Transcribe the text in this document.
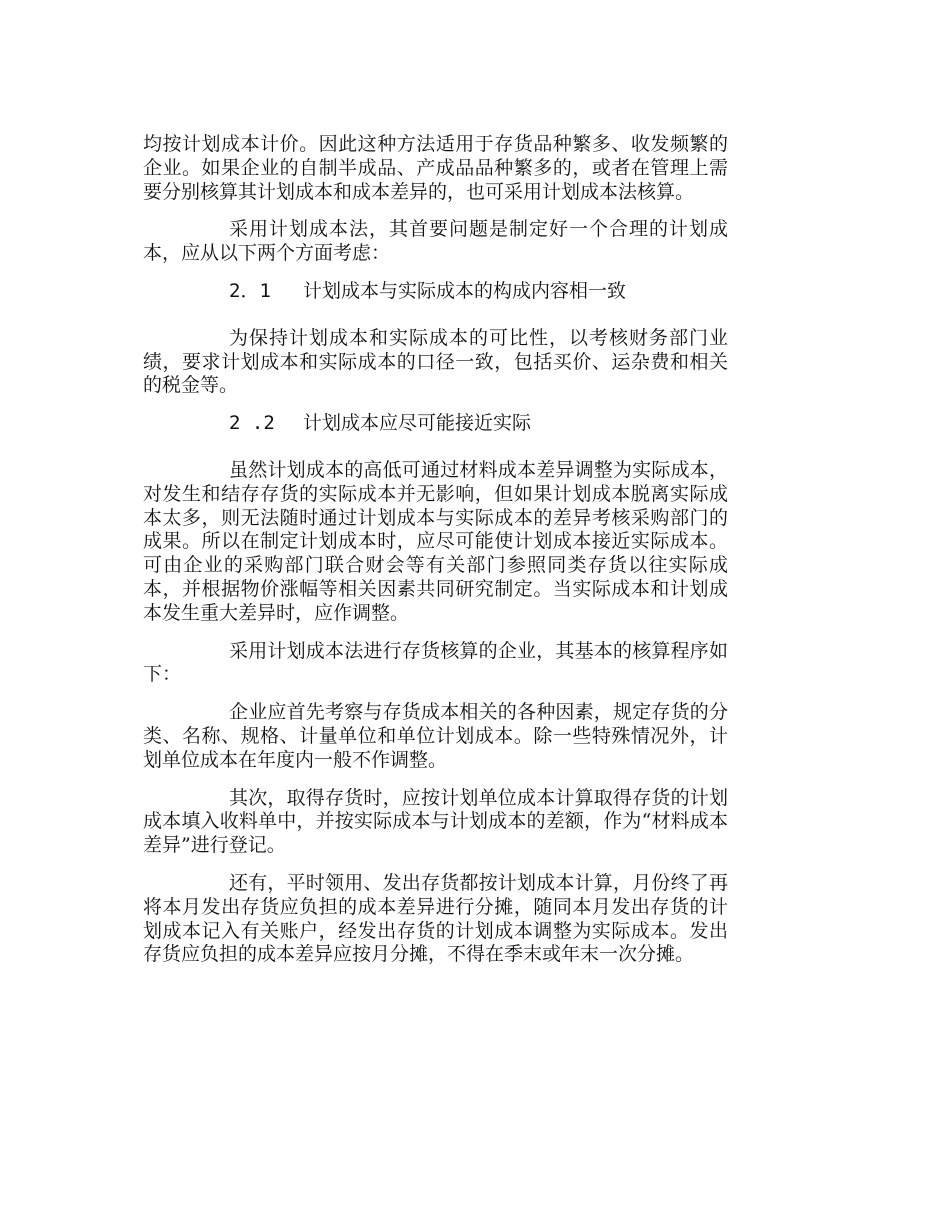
均按计划成本计价。因此这种方法适用于存货品种繁多、收发频繁的企业。如果企业的自制半成品、产成品品种繁多的，或者在管理上需要分别核算其计划成本和成本差异的，也可采用计划成本法核算。

采用计划成本法，其首要问题是制定好一个合理的计划成本，应从以下两个方面考虑：

2．1 计划成本与实际成本的构成内容相一致

为保持计划成本和实际成本的可比性，以考核财务部门业绩，要求计划成本和实际成本的口径一致，包括买价、运杂费和相关的税金等。

2 .2 计划成本应尽可能接近实际

虽然计划成本的高低可通过材料成本差异调整为实际成本，对发生和结存存货的实际成本并无影响，但如果计划成本脱离实际成本太多，则无法随时通过计划成本与实际成本的差异考核采购部门的成果。所以在制定计划成本时，应尽可能使计划成本接近实际成本。可由企业的采购部门联合财会等有关部门参照同类存货以往实际成本，并根据物价涨幅等相关因素共同研究制定。当实际成本和计划成本发生重大差异时，应作调整。

采用计划成本法进行存货核算的企业，其基本的核算程序如下：

企业应首先考察与存货成本相关的各种因素，规定存货的分类、名称、规格、计量单位和单位计划成本。除一些特殊情况外，计划单位成本在年度内一般不作调整。

其次，取得存货时，应按计划单位成本计算取得存货的计划成本填入收料单中，并按实际成本与计划成本的差额，作为“材料成本差异”进行登记。

还有，平时领用、发出存货都按计划成本计算，月份终了再将本月发出存货应负担的成本差异进行分摊，随同本月发出存货的计划成本记入有关账户，经发出存货的计划成本调整为实际成本。发出存货应负担的成本差异应按月分摊，不得在季末或年末一次分摊。
